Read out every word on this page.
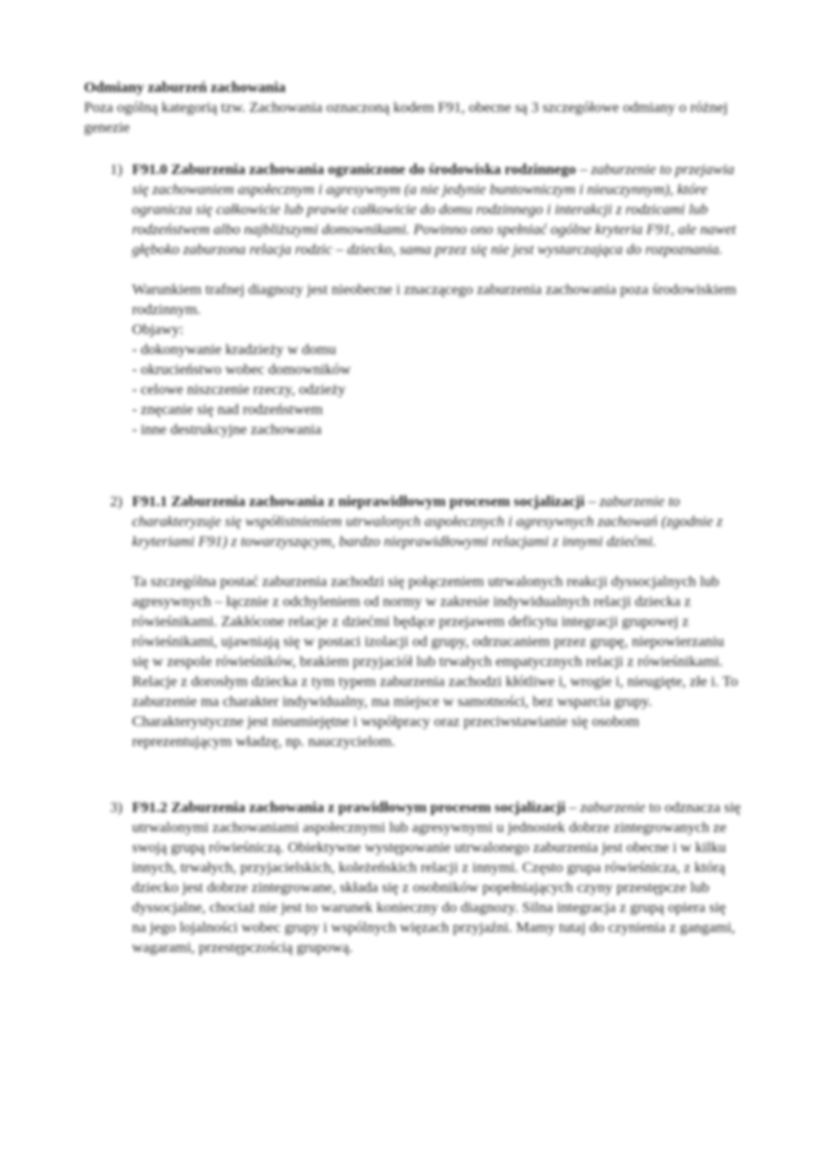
Odmiany zaburzeń zachowania

Poza ogólną kategorią tzw. Zachowania oznaczoną kodem F91, obecne są 3 szczegółowe odmiany o różnej genezie

1) F91.0 Zaburzenia zachowania ograniczone do środowiska rodzinnego – zaburzenie to przejawia się zachowaniem aspołecznym i agresywnym (a nie jedynie buntowniczym i nieuczynnym), które ogranicza się całkowicie lub prawie całkowicie do domu rodzinnego i interakcji z rodzicami lub rodzeństwem albo najbliższymi domownikami. Powinno ono spełniać ogólne kryteria F91, ale nawet głęboko zaburzona relacja rodzic – dziecko, sama przez się nie jest wystarczająca do rozpoznania.
Warunkiem trafnej diagnozy jest nieobecne i znaczącego zaburzenia zachowania poza środowiskiem rodzinnym.
Objawy:

- dokonywanie kradzieży w domu

- okrucieństwo wobec domowników

- celowe niszczenie rzeczy, odzieży

- znęcanie się nad rodzeństwem

- inne destrukcyjne zachowania

2) F91.1 Zaburzenia zachowania z nieprawidłowym procesem socjalizacji – zaburzenie to charakteryzuje się współistnieniem utrwalonych aspołecznych i agresywnych zachowań (zgodnie z kryteriami F91) z towarzyszącym, bardzo nieprawidłowymi relacjami z innymi dziećmi.
Ta szczególna postać zaburzenia zachodzi się połączeniem utrwalonych reakcji dyssocjalnych lub agresywnych – łącznie z odchyleniem od normy w zakresie indywidualnych relacji dziecka z rówieśnikami. Zakłócone relacje z dziećmi będące przejawem deficytu integracji grupowej z rówieśnikami, ujawniają się w postaci izolacji od grupy, odrzucaniem przez grupę, niepowierzaniu się w zespole rówieśników, brakiem przyjaciół lub trwałych empatycznych relacji z rówieśnikami. Relacje z dorosłym dziecka z tym typem zaburzenia zachodzi kłótliwe i, wrogie i, nieugięte, złe i. To zaburzenie ma charakter indywidualny, ma miejsce w samotności, bez wsparcia grupy. Charakterystyczne jest nieumiejętne i współpracy oraz przeciwstawianie się osobom reprezentującym władzę, np. nauczycielom.
3) F91.2 Zaburzenia zachowania z prawidłowym procesem socjalizacji – zaburzenie to odznacza się utrwalonymi zachowaniami aspołecznymi lub agresywnymi u jednostek dobrze zintegrowanych ze swoją grupą rówieśniczą. Obiektywne występowanie utrwalonego zaburzenia jest obecne i w kilku innych, trwałych, przyjacielskich, koleżeńskich relacji z innymi. Często grupa rówieśnicza, z którą dziecko jest dobrze zintegrowane, składa się z osobników popełniających czyny przestępcze lub dyssocjalne, chociaż nie jest to warunek konieczny do diagnozy. Silna integracja z grupą opiera się na jego lojalności wobec grupy i wspólnych więzach przyjaźni. Mamy tutaj do czynienia z gangami, wagarami, przestępczością grupową.
